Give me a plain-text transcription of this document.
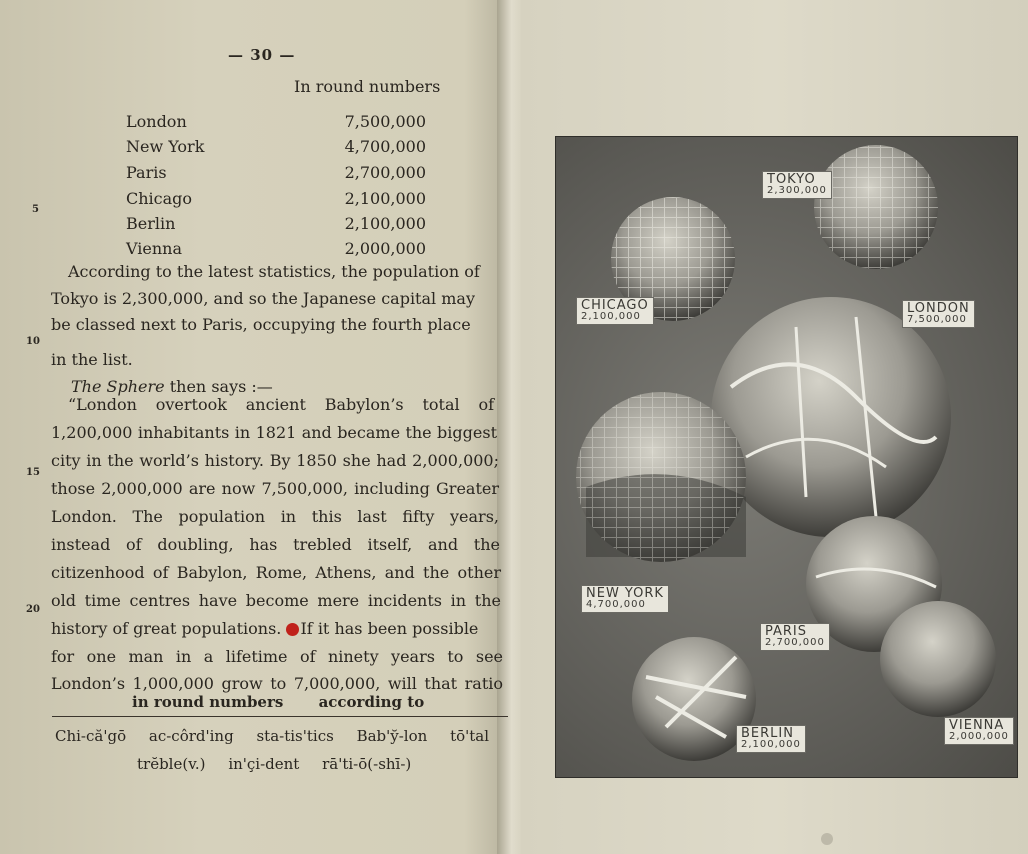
— 30 —
In round numbers
London	7,500,000
New York	4,700,000
Paris	2,700,000
Chicago	2,100,000
Berlin	2,100,000
Vienna	2,000,000
5
10
15
20
According to the latest statistics, the population of
Tokyo is 2,300,000, and so the Japanese capital may
be classed next to Paris, occupying the fourth place
in the list.
The Sphere then says :—
“London overtook ancient Babylon’s total of
1,200,000 inhabitants in 1821 and became the biggest
city in the world’s history. By 1850 she had 2,000,000;
those 2,000,000 are now 7,500,000, including Greater
London. The population in this last fifty years,
instead of doubling, has trebled itself, and the
citizenhood of Babylon, Rome, Athens, and the other
old time centres have become mere incidents in the
history of great populations. If it has been possible
for one man in a lifetime of ninety years to see
London’s 1,000,000 grow to 7,000,000, will that ratio
in round numbers according to
Chi-că'gō ac-côrd'ing sta-tis'tics Bab'y̆-lon tō'tal
trĕble(v.) in'çi-dent rā'ti-ō(-shī-)
TOKYO
2,300,000
CHICAGO
2,100,000
LONDON
7,500,000
NEW YORK
4,700,000
PARIS
2,700,000
BERLIN
2,100,000
VIENNA
2,000,000
